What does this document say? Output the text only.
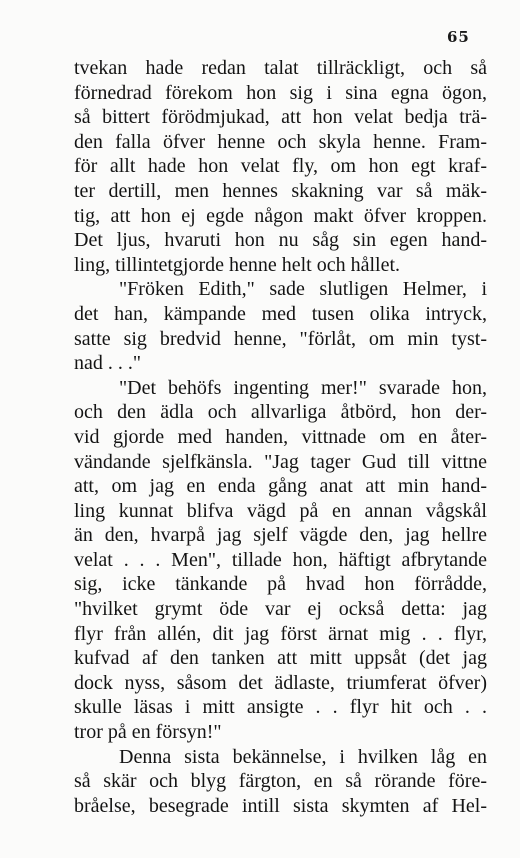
65
tvekan hade redan talat tillräckligt, och så
förnedrad förekom hon sig i sina egna ögon,
så bittert förödmjukad, att hon velat bedja trä-
den falla öfver henne och skyla henne. Fram-
för allt hade hon velat fly, om hon egt kraf-
ter dertill, men hennes skakning var så mäk-
tig, att hon ej egde någon makt öfver kroppen.
Det ljus, hvaruti hon nu såg sin egen hand-
ling, tillintetgjorde henne helt och hållet.
"Fröken Edith," sade slutligen Helmer, i
det han, kämpande med tusen olika intryck,
satte sig bredvid henne, "förlåt, om min tyst-
nad . . ."
"Det behöfs ingenting mer!" svarade hon,
och den ädla och allvarliga åtbörd, hon der-
vid gjorde med handen, vittnade om en åter-
vändande sjelfkänsla. "Jag tager Gud till vittne
att, om jag en enda gång anat att min hand-
ling kunnat blifva vägd på en annan vågskål
än den, hvarpå jag sjelf vägde den, jag hellre
velat . . . Men", tillade hon, häftigt afbrytande
sig, icke tänkande på hvad hon förrådde,
"hvilket grymt öde var ej också detta: jag
flyr från allén, dit jag först ärnat mig . . flyr,
kufvad af den tanken att mitt uppsåt (det jag
dock nyss, såsom det ädlaste, triumferat öfver)
skulle läsas i mitt ansigte . . flyr hit och . .
tror på en försyn!"
Denna sista bekännelse, i hvilken låg en
så skär och blyg färgton, en så rörande före-
bråelse, besegrade intill sista skymten af Hel-
